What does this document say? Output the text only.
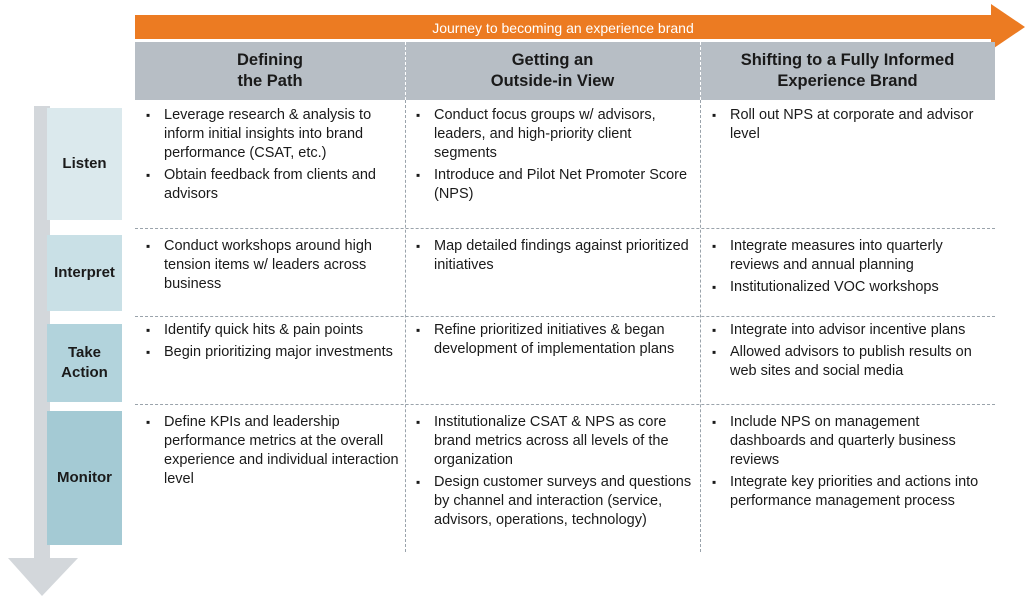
Journey to becoming an experience brand
Defining
the Path
Getting an
Outside-in View
Shifting to a Fully Informed
Experience Brand
Listen
Interpret
Take
Action
Monitor
▪ Leverage research & analysis to inform initial insights into brand performance (CSAT, etc.)
▪ Obtain feedback from clients and advisors
▪ Conduct focus groups w/ advisors, leaders, and high-priority client segments
▪ Introduce and Pilot Net Promoter Score (NPS)
▪ Roll out NPS at corporate and advisor level
▪ Conduct workshops around high tension items w/ leaders across business
▪ Map detailed findings against prioritized initiatives
▪ Integrate measures into quarterly reviews and annual planning
▪ Institutionalized VOC workshops
▪ Identify quick hits & pain points
▪ Begin prioritizing major investments
▪ Refine prioritized initiatives & began development of implementation plans
▪ Integrate into advisor incentive plans
▪ Allowed advisors to publish results on web sites and social media
▪ Define KPIs and leadership performance metrics at the overall experience and individual interaction level
▪ Institutionalize CSAT & NPS as core brand metrics across all levels of the organization
▪ Design customer surveys and questions by channel and interaction (service, advisors, operations, technology)
▪ Include NPS on management dashboards and quarterly business reviews
▪ Integrate key priorities and actions into performance management process
